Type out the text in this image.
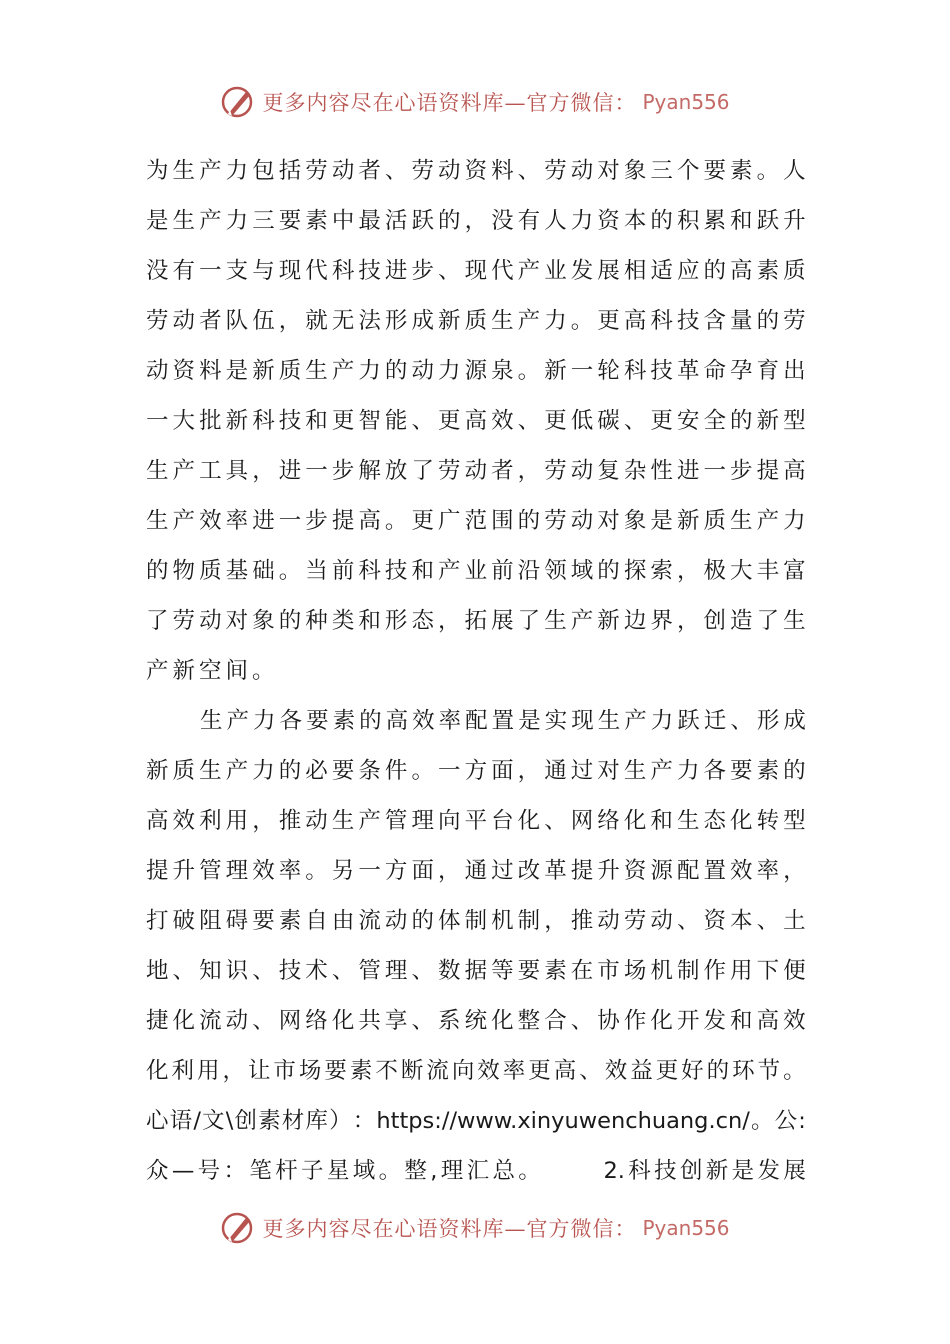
更多内容尽在心语资料库—官方微信： Pyan556
为 生 产 力 包 括 劳 动 者 、 劳 动 资 料 、 劳 动 对 象 三 个 要 素 。 人
是 生 产 力 三 要 素 中 最 活 跃 的 ， 没 有 人 力 资 本 的 积 累 和 跃 升
没 有 一 支 与 现 代 科 技 进 步 、 现 代 产 业 发 展 相 适 应 的 高 素 质
劳 动 者 队 伍 ， 就 无 法 形 成 新 质 生 产 力 。 更 高 科 技 含 量 的 劳
动 资 料 是 新 质 生 产 力 的 动 力 源 泉 。 新 一 轮 科 技 革 命 孕 育 出
一 大 批 新 科 技 和 更 智 能 、 更 高 效 、 更 低 碳 、 更 安 全 的 新 型
生 产 工 具 ， 进 一 步 解 放 了 劳 动 者 ， 劳 动 复 杂 性 进 一 步 提 高
生 产 效 率 进 一 步 提 高 。 更 广 范 围 的 劳 动 对 象 是 新 质 生 产 力
的 物 质 基 础 。 当 前 科 技 和 产 业 前 沿 领 域 的 探 索 ， 极 大 丰 富
了 劳 动 对 象 的 种 类 和 形 态 ， 拓 展 了 生 产 新 边 界 ， 创 造 了 生
产新空间。
生 产 力 各 要 素 的 高 效 率 配 置 是 实 现 生 产 力 跃 迁 、 形 成
新 质 生 产 力 的 必 要 条 件 。 一 方 面 ， 通 过 对 生 产 力 各 要 素 的
高 效 利 用 ， 推 动 生 产 管 理 向 平 台 化 、 网 络 化 和 生 态 化 转 型
提 升 管 理 效 率 。 另 一 方 面 ， 通 过 改 革 提 升 资 源 配 置 效 率 ，
打 破 阻 碍 要 素 自 由 流 动 的 体 制 机 制 ， 推 动 劳 动 、 资 本 、 土
地 、 知 识 、 技 术 、 管 理 、 数 据 等 要 素 在 市 场 机 制 作 用 下 便
捷 化 流 动 、 网 络 化 共 享 、 系 统 化 整 合 、 协 作 化 开 发 和 高 效
化 利 用 ， 让 市 场 要 素 不 断 流 向 效 率 更 高 、 效 益 更 好 的 环 节 。
心 语 / 文 \ 创 素 材 库 ） ： https://www.xinyuwenchuang.cn/ 。 公 :
众 — 号 ： 笔 杆 子 星 域 。 整 , 理 汇 总 。	2. 科 技 创 新 是 发 展
更多内容尽在心语资料库—官方微信： Pyan556
